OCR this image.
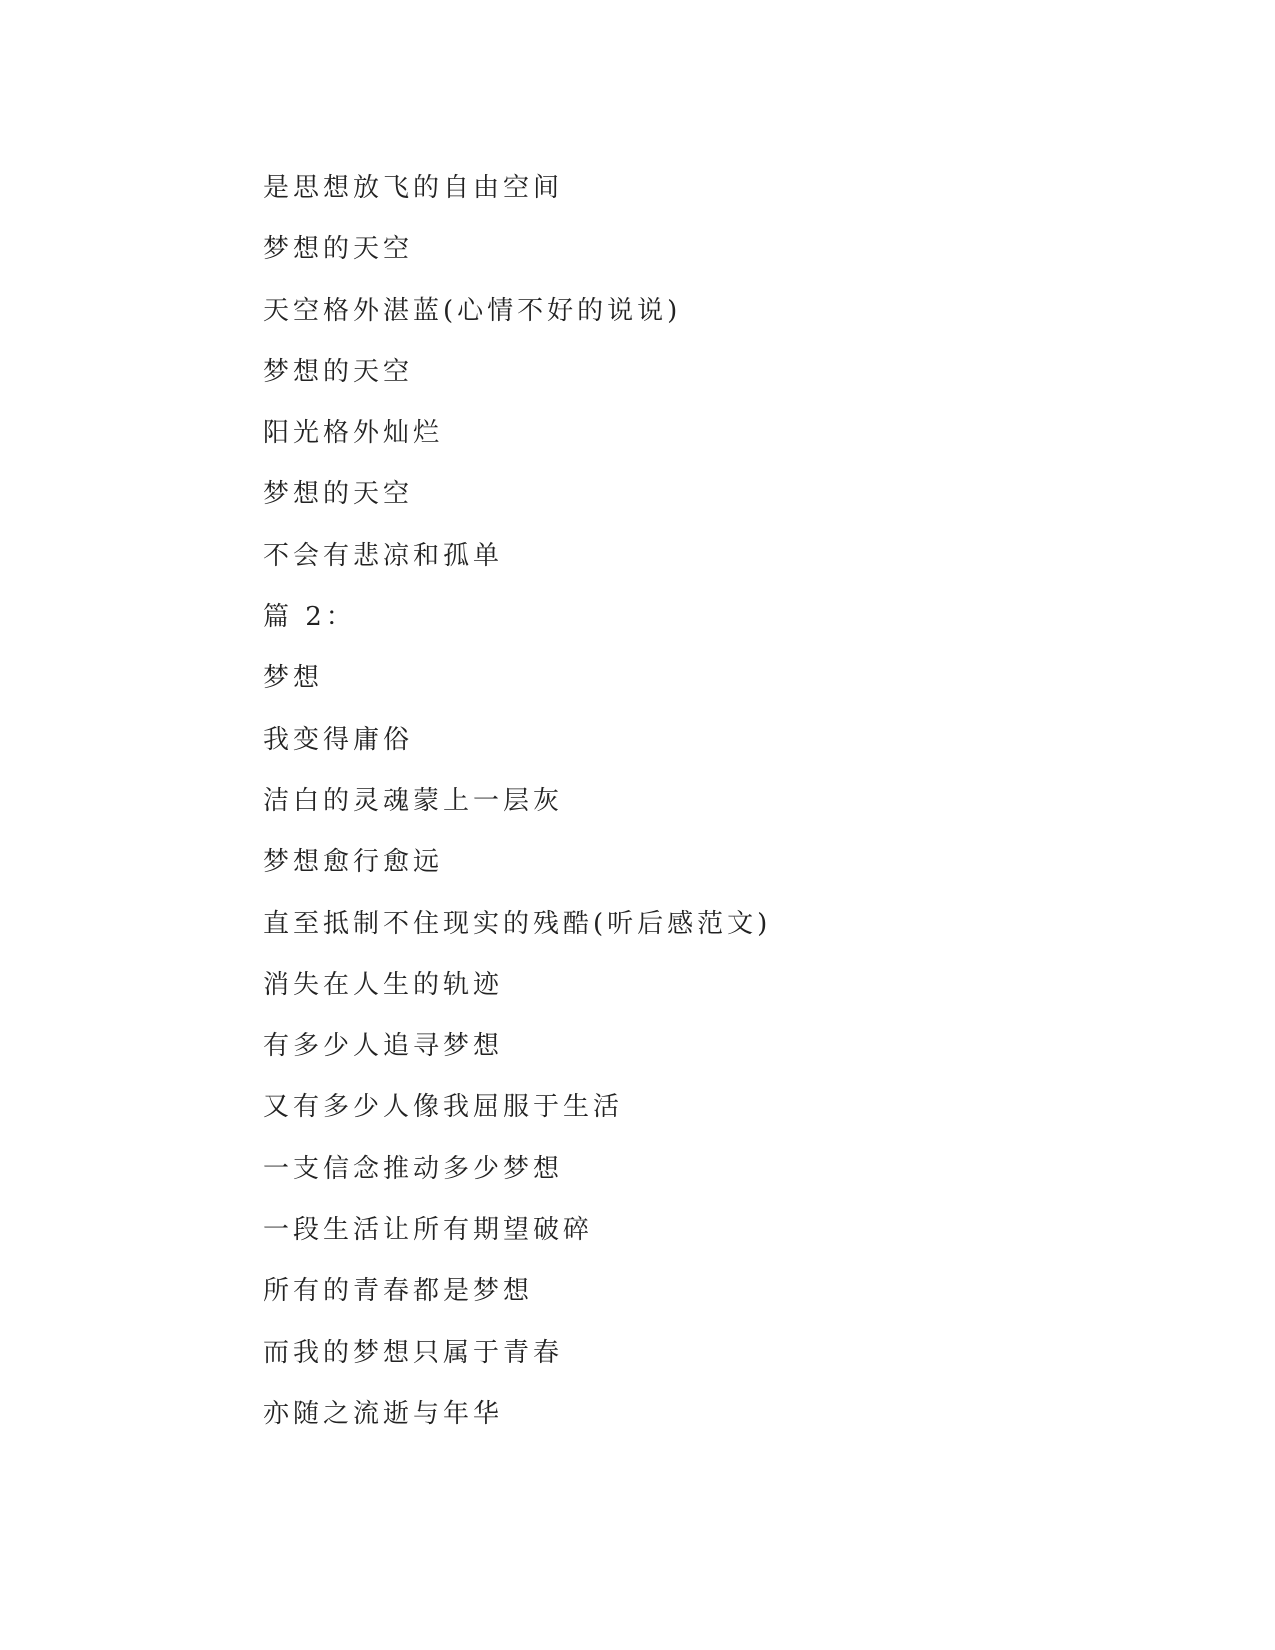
是思想放飞的自由空间
梦想的天空
天空格外湛蓝(心情不好的说说)
梦想的天空
阳光格外灿烂
梦想的天空
不会有悲凉和孤单
篇 2：
梦想
我变得庸俗
洁白的灵魂蒙上一层灰
梦想愈行愈远
直至抵制不住现实的残酷(听后感范文)
消失在人生的轨迹
有多少人追寻梦想
又有多少人像我屈服于生活
一支信念推动多少梦想
一段生活让所有期望破碎
所有的青春都是梦想
而我的梦想只属于青春
亦随之流逝与年华
